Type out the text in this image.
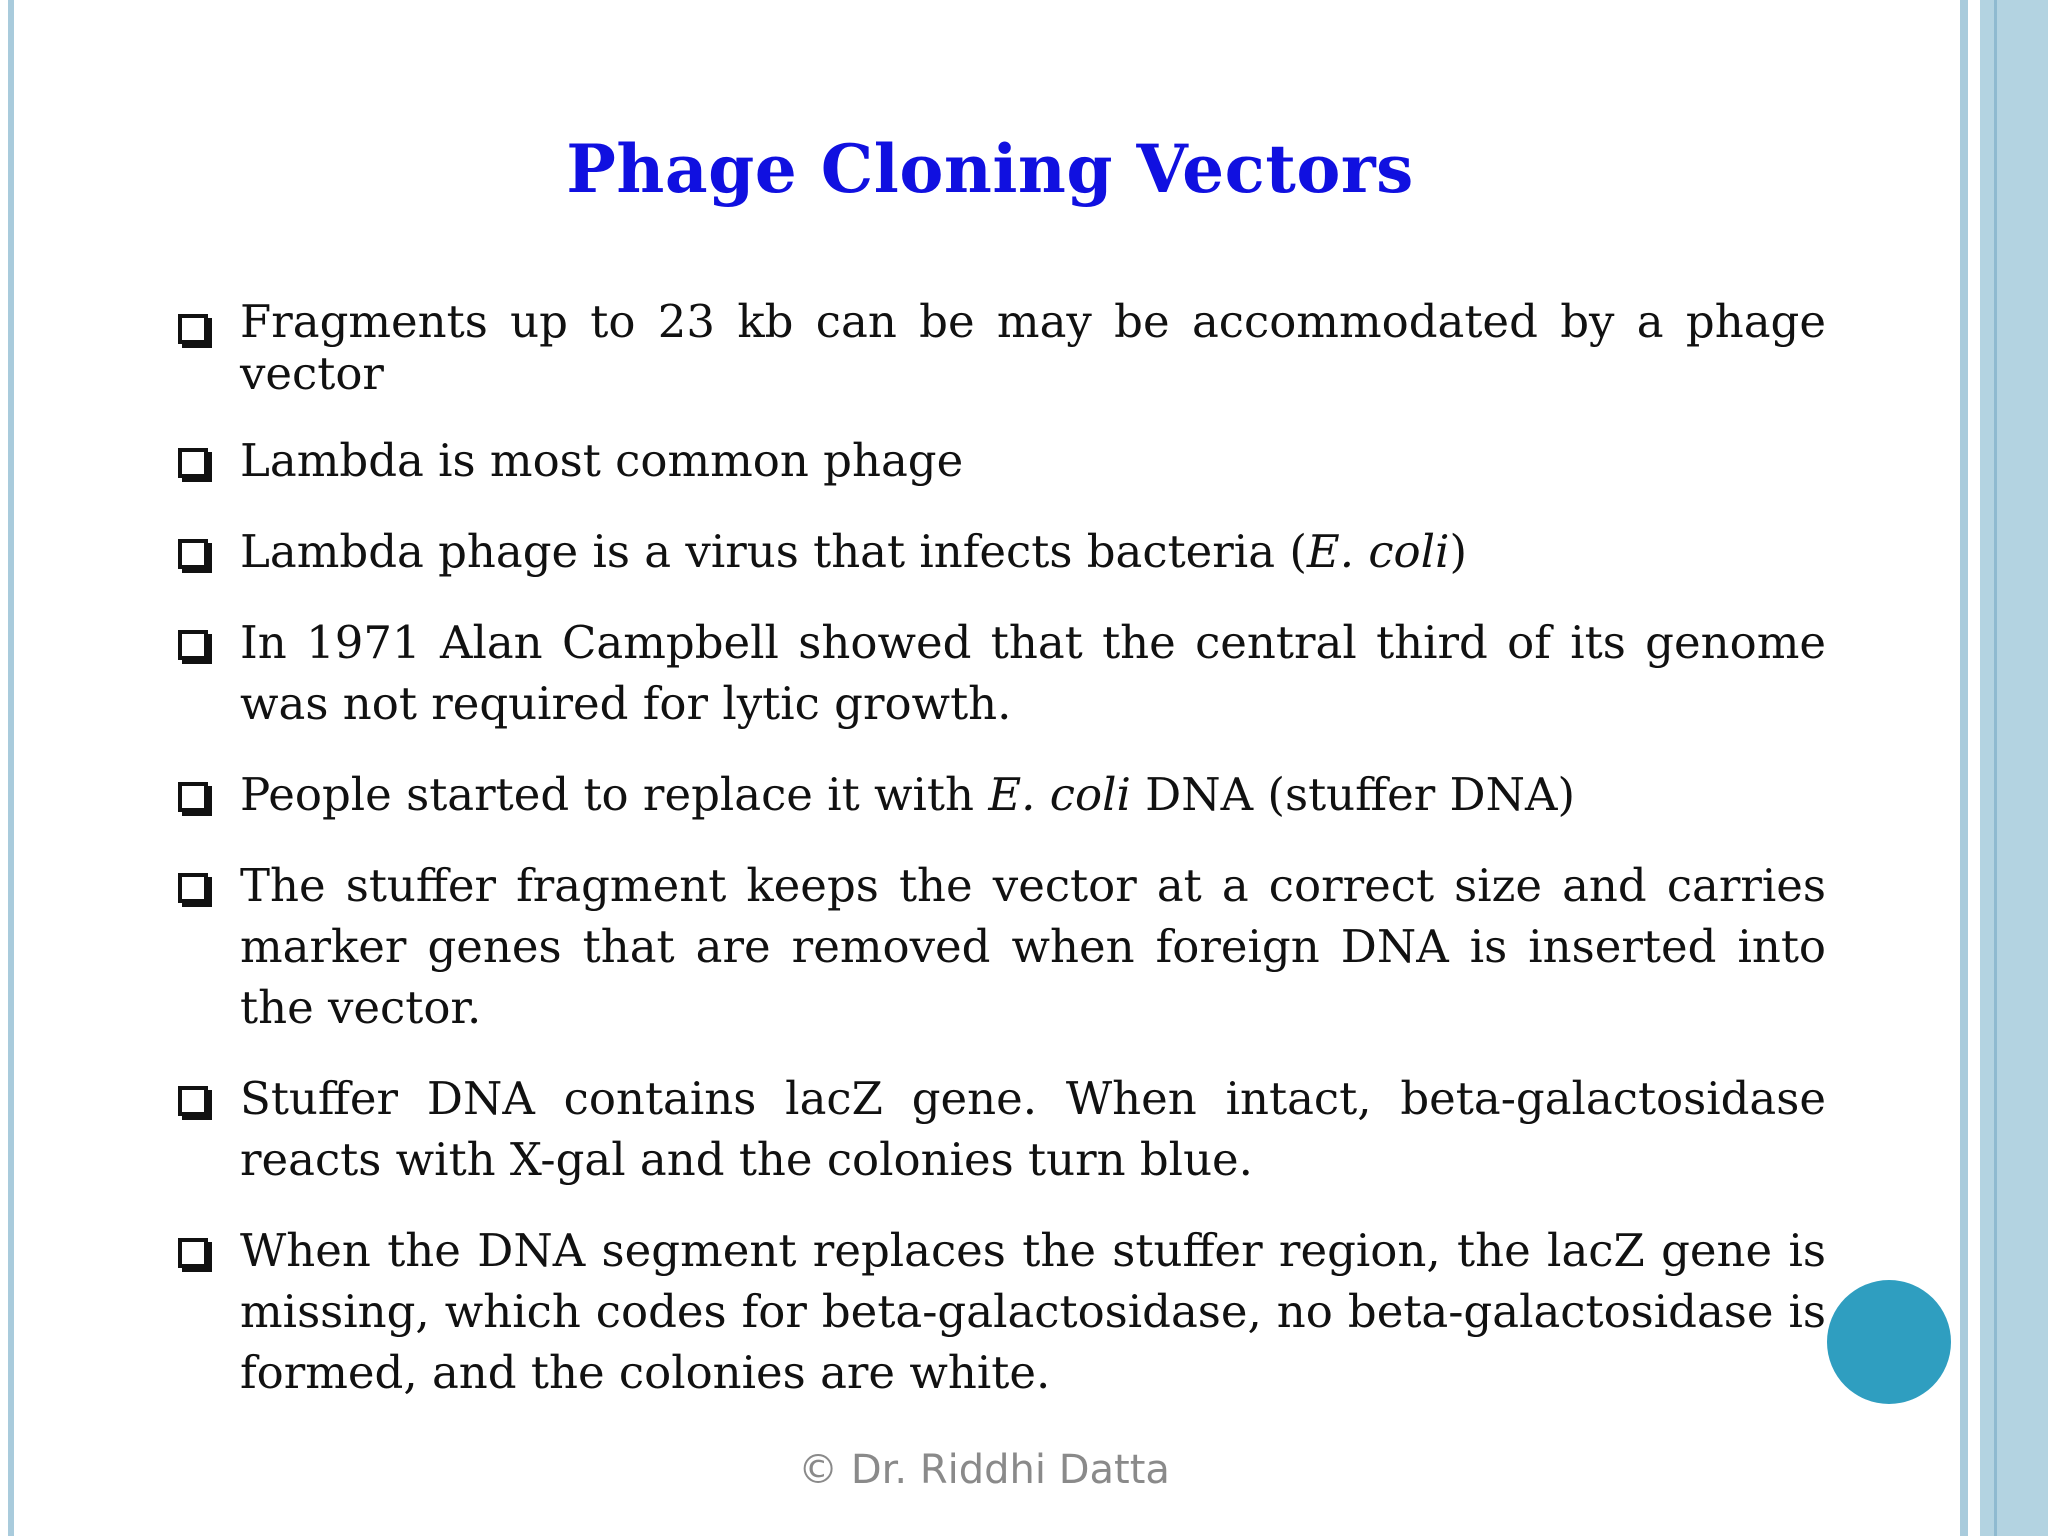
Phage Cloning Vectors
Fragments up to 23 kb can be may be accommodated by a phage vector
Lambda is most common phage
Lambda phage is a virus that infects bacteria (E. coli)
In 1971 Alan Campbell showed that the central third of its genome was not required for lytic growth.
People started to replace it with E. coli DNA (stuffer DNA)
The stuffer fragment keeps the vector at a correct size and carries marker genes that are removed when foreign DNA is inserted into the vector.
Stuffer DNA contains lacZ gene. When intact, beta-galactosidase reacts with X-gal and the colonies turn blue.
When the DNA segment replaces the stuffer region, the lacZ gene is missing, which codes for beta-galactosidase, no beta-galactosidase is formed, and the colonies are white.
© Dr. Riddhi Datta
